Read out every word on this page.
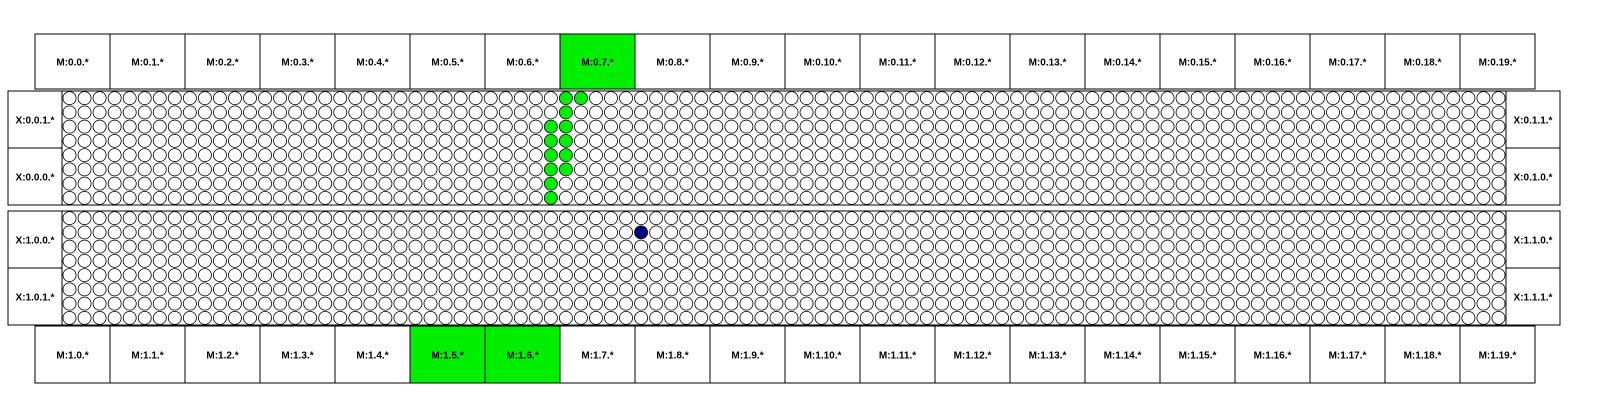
M:0.0.*	M:0.1.*	M:0.2.*	M:0.3.*	M:0.4.*	M:0.5.*	M:0.6.*	M:0.7.*	M:0.8.*	M:0.9.*	M:0.10.*	M:0.11.*	M:0.12.*	M:0.13.*	M:0.14.*	M:0.15.*	M:0.16.*	M:0.17.*	M:0.18.*	M:0.19.*
X:0.0.1.*
X:0.0.0.*
X:0.1.1.*
X:0.1.0.*
X:1.0.0.*
X:1.0.1.*
X:1.1.0.*
X:1.1.1.*
M:1.0.*	M:1.1.*	M:1.2.*	M:1.3.*	M:1.4.*	M:1.5.*	M:1.6.*	M:1.7.*	M:1.8.*	M:1.9.*	M:1.10.*	M:1.11.*	M:1.12.*	M:1.13.*	M:1.14.*	M:1.15.*	M:1.16.*	M:1.17.*	M:1.18.*	M:1.19.*
